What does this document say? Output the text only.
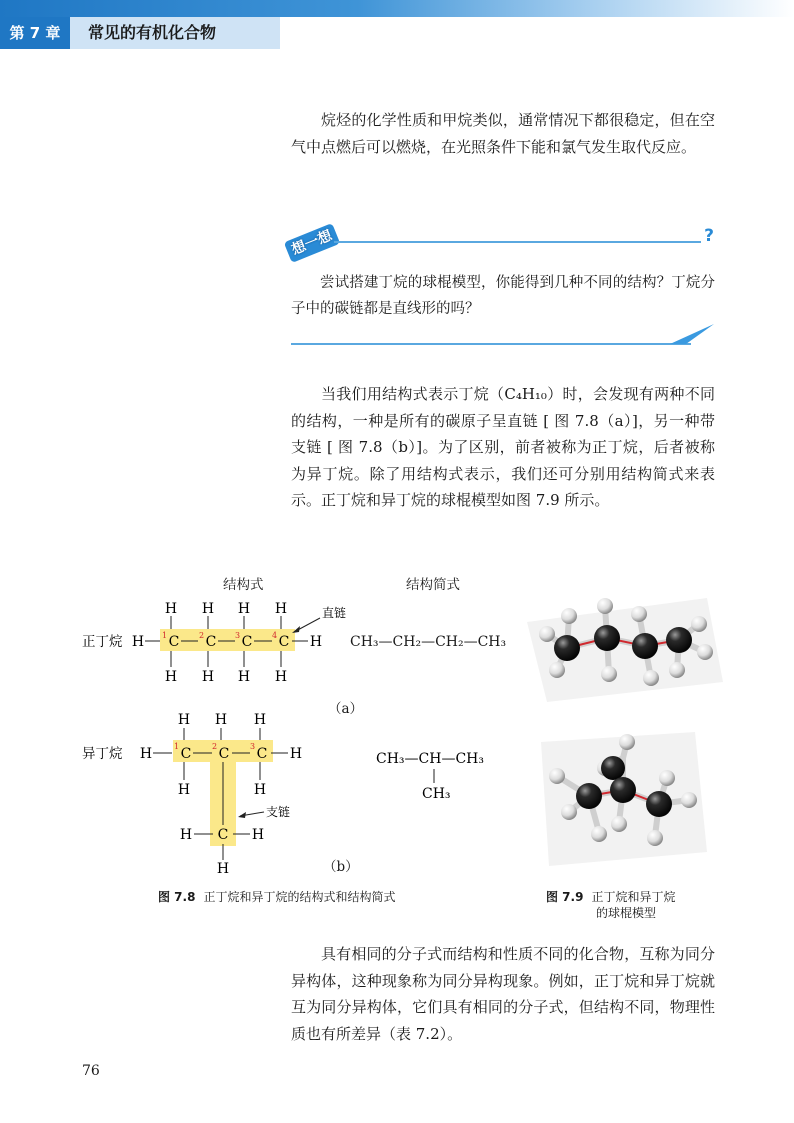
第 7 章	常见的有机化合物

烷烃的化学性质和甲烷类似，通常情况下都很稳定，但在空气中点燃后可以燃烧，在光照条件下能和氯气发生取代反应。

想一想	?

尝试搭建丁烷的球棍模型，你能得到几种不同的结构？丁烷分子中的碳链都是直线形的吗？

当我们用结构式表示丁烷（C₄H₁₀）时，会发现有两种不同的结构，一种是所有的碳原子呈直链 [ 图 7.8（a）]，另一种带支链 [ 图 7.8（b）]。为了区别，前者被称为正丁烷，后者被称为异丁烷。除了用结构式表示，我们还可分别用结构简式来表示。正丁烷和异丁烷的球棍模型如图 7.9 所示。

结构式	结构简式
正丁烷
H H H H
H H H H
H	H
C C C C
1	2	3	4
直链
CH₃—CH₂—CH₂—CH₃
（a）
异丁烷
H H H
H	H
H	H
C C C
C
H	H
H
1	2	3
支链
CH₃—CH—CH₃
CH₃
（b）
图 7.8 正丁烷和异丁烷的结构式和结构简式	图 7.9 正丁烷和异丁烷
的球棍模型

具有相同的分子式而结构和性质不同的化合物，互称为同分异构体，这种现象称为同分异构现象。例如，正丁烷和异丁烷就互为同分异构体，它们具有相同的分子式，但结构不同，物理性质也有所差异（表 7.2）。

76
